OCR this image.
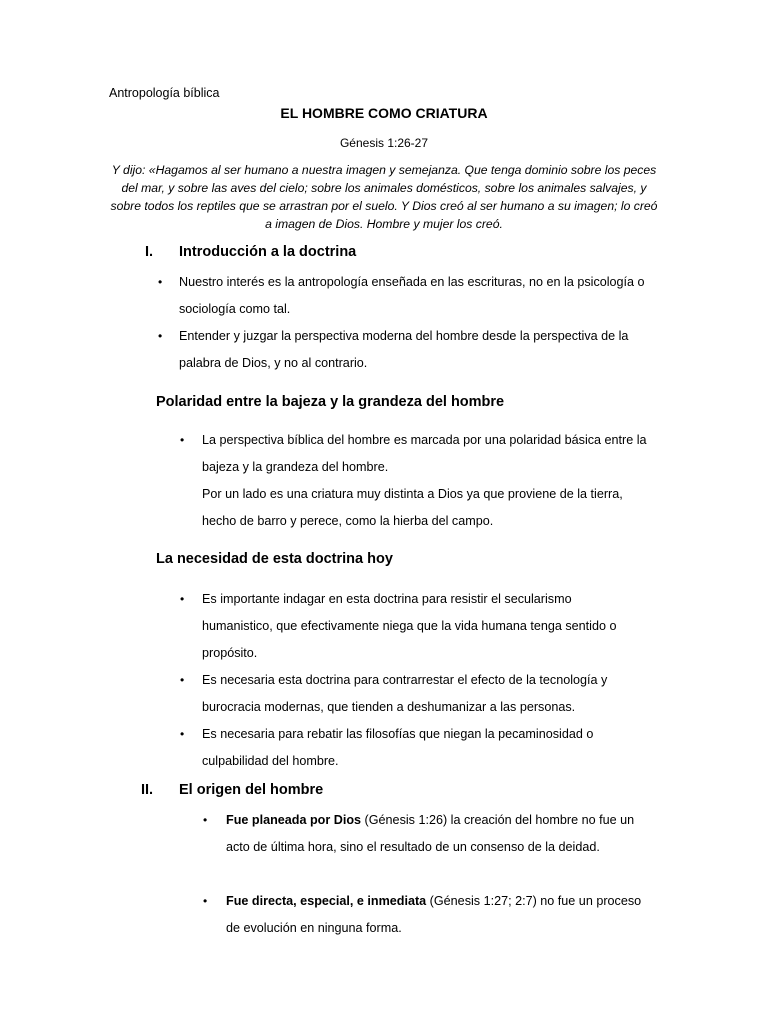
Antropología bíblica
EL HOMBRE COMO CRIATURA
Génesis 1:26-27
Y dijo: «Hagamos al ser humano a nuestra imagen y semejanza. Que tenga dominio sobre los peces del mar, y sobre las aves del cielo; sobre los animales domésticos, sobre los animales salvajes, y sobre todos los reptiles que se arrastran por el suelo. Y Dios creó al ser humano a su imagen; lo creó a imagen de Dios. Hombre y mujer los creó.
I. Introducción a la doctrina
• Nuestro interés es la antropología enseñada en las escrituras, no en la psicología o sociología como tal.
• Entender y juzgar la perspectiva moderna del hombre desde la perspectiva de la palabra de Dios, y no al contrario.
Polaridad entre la bajeza y la grandeza del hombre
• La perspectiva bíblica del hombre es marcada por una polaridad básica entre la bajeza y la grandeza del hombre.
Por un lado es una criatura muy distinta a Dios ya que proviene de la tierra, hecho de barro y perece, como la hierba del campo.
La necesidad de esta doctrina hoy
• Es importante indagar en esta doctrina para resistir el secularismo humanistico, que efectivamente niega que la vida humana tenga sentido o propósito.
• Es necesaria esta doctrina para contrarrestar el efecto de la tecnología y burocracia modernas, que tienden a deshumanizar a las personas.
• Es necesaria para rebatir las filosofías que niegan la pecaminosidad o culpabilidad del hombre.
II. El origen del hombre
• Fue planeada por Dios (Génesis 1:26) la creación del hombre no fue un acto de última hora, sino el resultado de un consenso de la deidad.
• Fue directa, especial, e inmediata (Génesis 1:27; 2:7) no fue un proceso de evolución en ninguna forma.
